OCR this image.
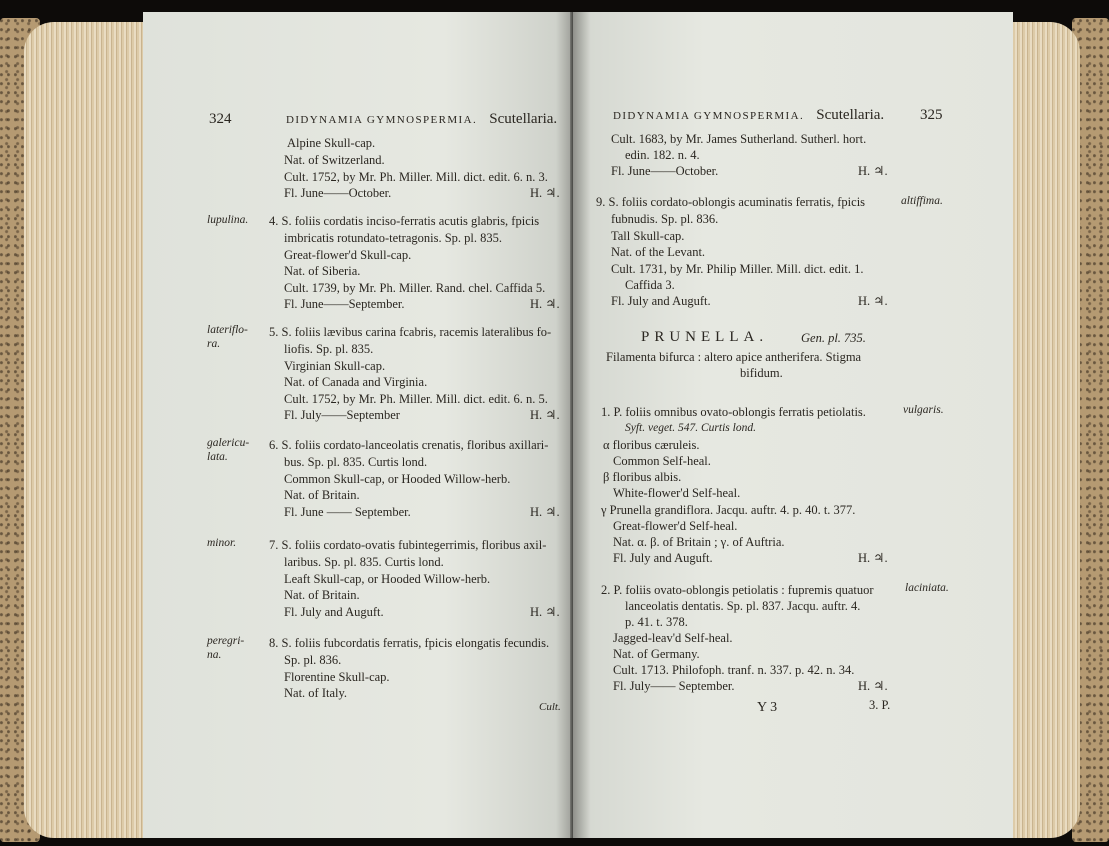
324	DIDYNAMIA GYMNOSPERMIA. Scutellaria.
Alpine Skull-cap.
Nat. of Switzerland.
Cult. 1752, by Mr. Ph. Miller. Mill. dict. edit. 6. n. 3.
Fl. June——October.	H. ♃.
lupulina.	4. S. foliis cordatis inciso-ferratis acutis glabris, fpicis
imbricatis rotundato-tetragonis. Sp. pl. 835.
Great-flower'd Skull-cap.
Nat. of Siberia.
Cult. 1739, by Mr. Ph. Miller. Rand. chel. Caffida 5.
Fl. June——September.	H. ♃.
lateriflo-
ra.
5. S. foliis lævibus carina fcabris, racemis lateralibus fo-
liofis. Sp. pl. 835.
Virginian Skull-cap.
Nat. of Canada and Virginia.
Cult. 1752, by Mr. Ph. Miller. Mill. dict. edit. 6. n. 5.
Fl. July——September	H. ♃.
galericu-
lata.
6. S. foliis cordato-lanceolatis crenatis, floribus axillari-
bus. Sp. pl. 835. Curtis lond.
Common Skull-cap, or Hooded Willow-herb.
Nat. of Britain.
Fl. June —— September.	H. ♃.
minor.	7. S. foliis cordato-ovatis fubintegerrimis, floribus axil-
laribus. Sp. pl. 835. Curtis lond.
Leaft Skull-cap, or Hooded Willow-herb.
Nat. of Britain.
Fl. July and Auguft.	H. ♃.
peregri-
na.
8. S. foliis fubcordatis ferratis, fpicis elongatis fecundis.
Sp. pl. 836.
Florentine Skull-cap.
Nat. of Italy.
Cult.
DIDYNAMIA GYMNOSPERMIA. Scutellaria. 325
Cult. 1683, by Mr. James Sutherland. Sutherl. hort.
edin. 182. n. 4.
Fl. June——October.	H. ♃.
altiffima.
9. S. foliis cordato-oblongis acuminatis ferratis, fpicis
fubnudis. Sp. pl. 836.
Tall Skull-cap.
Nat. of the Levant.
Cult. 1731, by Mr. Philip Miller. Mill. dict. edit. 1.
Caffida 3.
Fl. July and Auguft.	H. ♃.
PRUNELLA.	Gen. pl. 735.
Filamenta bifurca : altero apice antherifera. Stigma
bifidum.
vulgaris.
1. P. foliis omnibus ovato-oblongis ferratis petiolatis.
Syft. veget. 547. Curtis lond.
α floribus cæruleis.
Common Self-heal.
β floribus albis.
White-flower'd Self-heal.
γ Prunella grandiflora. Jacqu. auftr. 4. p. 40. t. 377.
Great-flower'd Self-heal.
Nat. α. β. of Britain ; γ. of Auftria.
Fl. July and Auguft.	H. ♃.
laciniata.
2. P. foliis ovato-oblongis petiolatis : fupremis quatuor
lanceolatis dentatis. Sp. pl. 837. Jacqu. auftr. 4.
p. 41. t. 378.
Jagged-leav'd Self-heal.
Nat. of Germany.
Cult. 1713. Philofoph. tranf. n. 337. p. 42. n. 34.
Fl. July—— September.	H. ♃.
Y 3	3. P.
